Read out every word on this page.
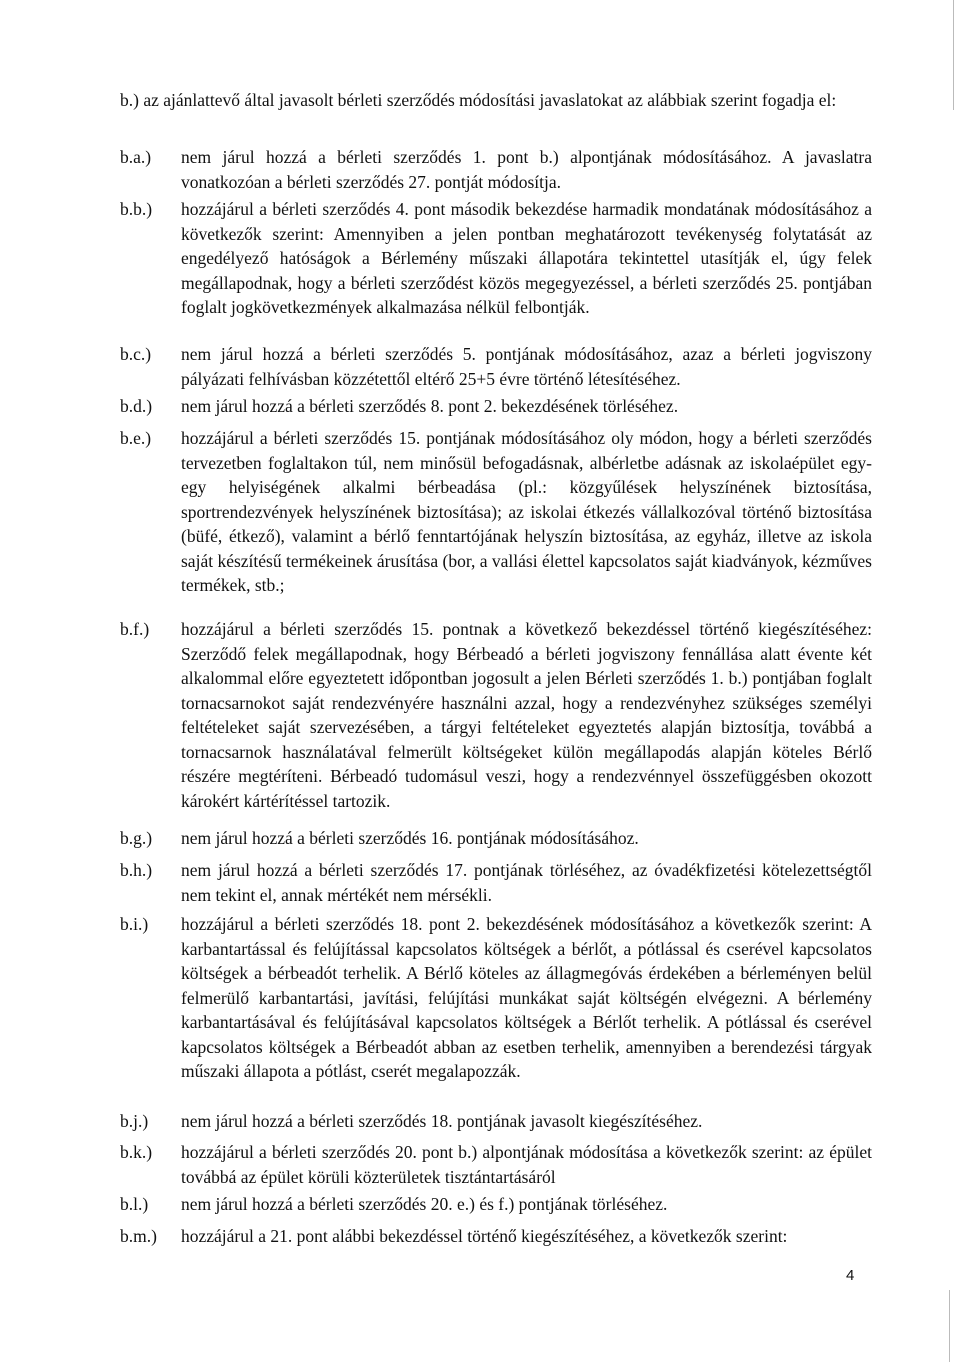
b.) az ajánlattevő által javasolt bérleti szerződés módosítási javaslatokat az alábbiak szerint fogadja el:

b.a.) nem járul hozzá a bérleti szerződés 1. pont b.) alpontjának módosításához. A javaslatra vonatkozóan a bérleti szerződés 27. pontját módosítja.

b.b.) hozzájárul a bérleti szerződés 4. pont második bekezdése harmadik mondatának módosításához a következők szerint: Amennyiben a jelen pontban meghatározott tevékenység folytatását az engedélyező hatóságok a Bérlemény műszaki állapotára tekintettel utasítják el, úgy felek megállapodnak, hogy a bérleti szerződést közös megegyezéssel, a bérleti szerződés 25. pontjában foglalt jogkövetkezmények alkalmazása nélkül felbontják.

b.c.) nem járul hozzá a bérleti szerződés 5. pontjának módosításához, azaz a bérleti jogviszony pályázati felhívásban közzétettől eltérő 25+5 évre történő létesítéséhez.

b.d.) nem járul hozzá a bérleti szerződés 8. pont 2. bekezdésének törléséhez.

b.e.) hozzájárul a bérleti szerződés 15. pontjának módosításához oly módon, hogy a bérleti szerződés tervezetben foglaltakon túl, nem minősül befogadásnak, albérletbe adásnak az iskolaépület egy-egy helyiségének alkalmi bérbeadása (pl.: közgyűlések helyszínének biztosítása, sportrendezvények helyszínének biztosítása); az iskolai étkezés vállalkozóval történő biztosítása (büfé, étkező), valamint a bérlő fenntartójának helyszín biztosítása, az egyház, illetve az iskola saját készítésű termékeinek árusítása (bor, a vallási élettel kapcsolatos saját kiadványok, kézműves termékek, stb.;

b.f.) hozzájárul a bérleti szerződés 15. pontnak a következő bekezdéssel történő kiegészítéséhez: Szerződő felek megállapodnak, hogy Bérbeadó a bérleti jogviszony fennállása alatt évente két alkalommal előre egyeztetett időpontban jogosult a jelen Bérleti szerződés 1. b.) pontjában foglalt tornacsarnokot saját rendezvényére használni azzal, hogy a rendezvényhez szükséges személyi feltételeket saját szervezésében, a tárgyi feltételeket egyeztetés alapján biztosítja, továbbá a tornacsarnok használatával felmerült költségeket külön megállapodás alapján köteles Bérlő részére megtéríteni. Bérbeadó tudomásul veszi, hogy a rendezvénnyel összefüggésben okozott károkért kártérítéssel tartozik.

b.g.) nem járul hozzá a bérleti szerződés 16. pontjának módosításához.

b.h.) nem járul hozzá a bérleti szerződés 17. pontjának törléséhez, az óvadékfizetési kötelezettségtől nem tekint el, annak mértékét nem mérsékli.

b.i.) hozzájárul a bérleti szerződés 18. pont 2. bekezdésének módosításához a következők szerint: A karbantartással és felújítással kapcsolatos költségek a bérlőt, a pótlással és cserével kapcsolatos költségek a bérbeadót terhelik. A Bérlő köteles az állagmegóvás érdekében a bérleményen belül felmerülő karbantartási, javítási, felújítási munkákat saját költségén elvégezni. A bérlemény karbantartásával és felújításával kapcsolatos költségek a Bérlőt terhelik. A pótlással és cserével kapcsolatos költségek a Bérbeadót abban az esetben terhelik, amennyiben a berendezési tárgyak műszaki állapota a pótlást, cserét megalapozzák.

b.j.) nem járul hozzá a bérleti szerződés 18. pontjának javasolt kiegészítéséhez.

b.k.) hozzájárul a bérleti szerződés 20. pont b.) alpontjának módosítása a következők szerint: az épület továbbá az épület körüli közterületek tisztántartásáról

b.l.) nem járul hozzá a bérleti szerződés 20. e.) és f.) pontjának törléséhez.

b.m.) hozzájárul a 21. pont alábbi bekezdéssel történő kiegészítéséhez, a következők szerint:

4
